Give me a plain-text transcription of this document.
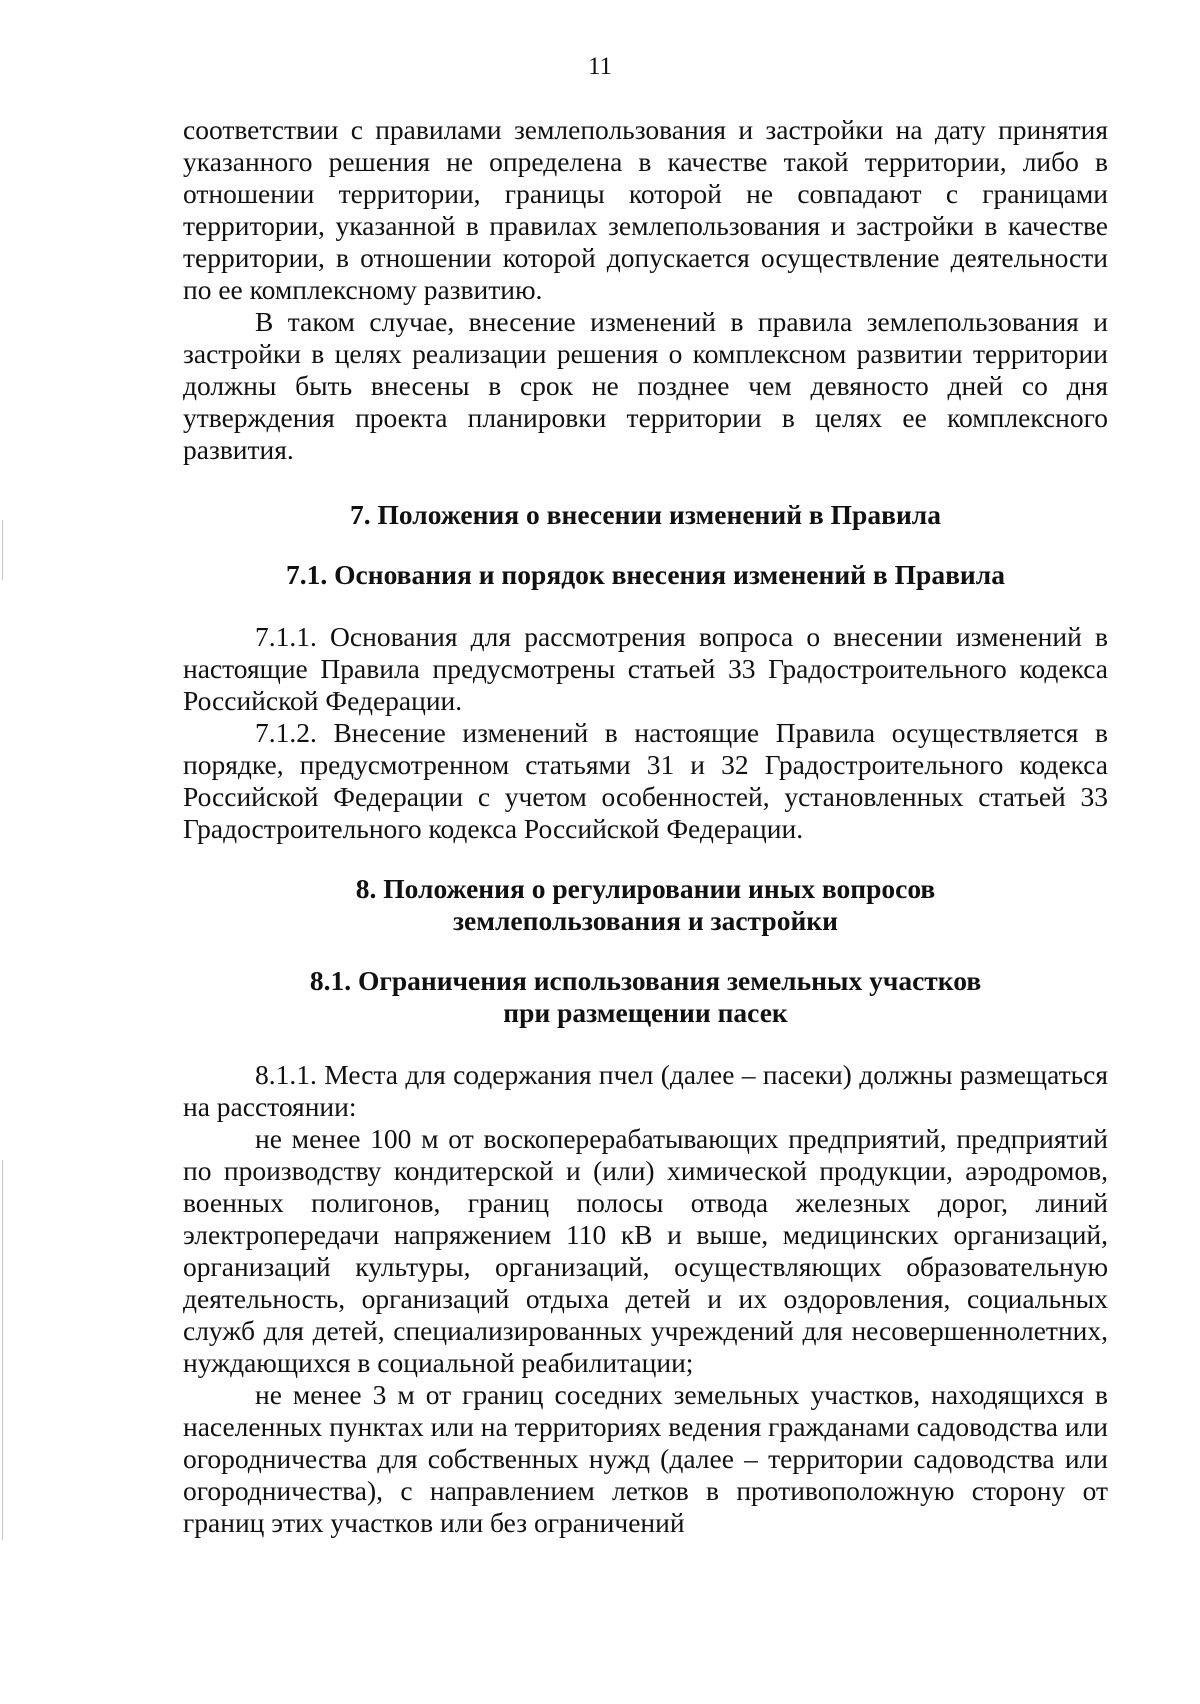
11

соответствии с правилами землепользования и застройки на дату принятия указанного решения не определена в качестве такой территории, либо в отношении территории, границы которой не совпадают с границами территории, указанной в правилах землепользования и застройки в качестве территории, в отношении которой допускается осуществление деятельности по ее комплексному развитию.

В таком случае, внесение изменений в правила землепользования и застройки в целях реализации решения о комплексном развитии территории должны быть внесены в срок не позднее чем девяносто дней со дня утверждения проекта планировки территории в целях ее комплексного развития.

7. Положения о внесении изменений в Правила

7.1. Основания и порядок внесения изменений в Правила

7.1.1. Основания для рассмотрения вопроса о внесении изменений в настоящие Правила предусмотрены статьей 33 Градостроительного кодекса Российской Федерации.

7.1.2. Внесение изменений в настоящие Правила осуществляется в порядке, предусмотренном статьями 31 и 32 Градостроительного кодекса Российской Федерации с учетом особенностей, установленных статьей 33 Градостроительного кодекса Российской Федерации.

8. Положения о регулировании иных вопросов
землепользования и застройки

8.1. Ограничения использования земельных участков
при размещении пасек

8.1.1. Места для содержания пчел (далее – пасеки) должны размещаться на расстоянии:

не менее 100 м от воскоперерабатывающих предприятий, предприятий по производству кондитерской и (или) химической продукции, аэродромов, военных полигонов, границ полосы отвода железных дорог, линий электропередачи напряжением 110 кВ и выше, медицинских организаций, организаций культуры, организаций, осуществляющих образовательную деятельность, организаций отдыха детей и их оздоровления, социальных служб для детей, специализированных учреждений для несовершеннолетних, нуждающихся в социальной реабилитации;

не менее 3 м от границ соседних земельных участков, находящихся в населенных пунктах или на территориях ведения гражданами садоводства или огородничества для собственных нужд (далее – территории садоводства или огородничества), с направлением летков в противоположную сторону от границ этих участков или без ограничений
